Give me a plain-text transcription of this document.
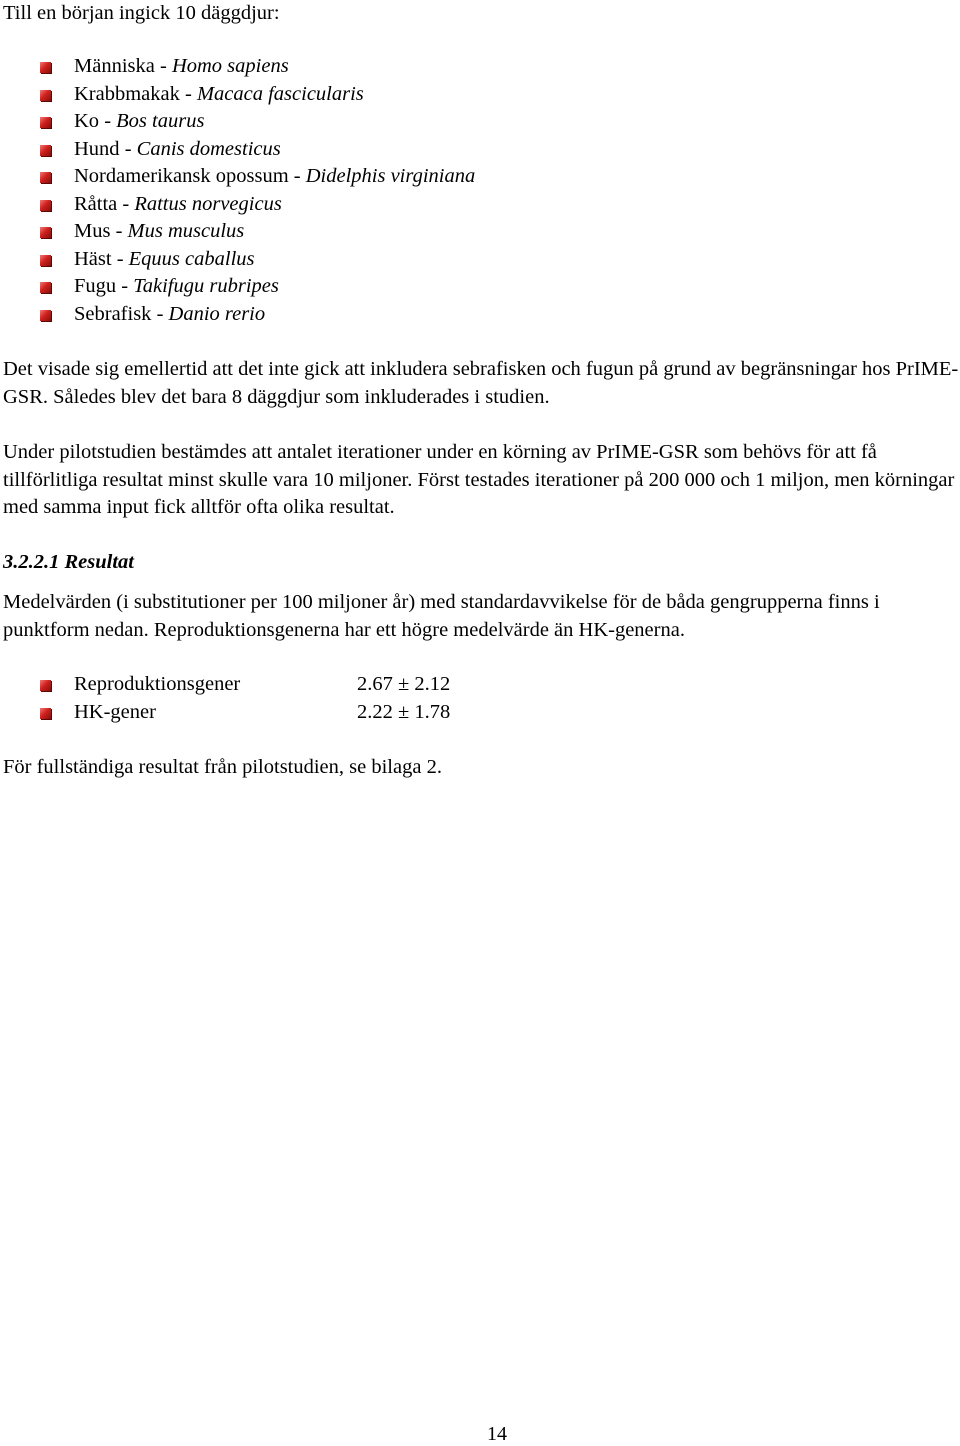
Till en början ingick 10 däggdjur:

Människa - Homo sapiens
Krabbmakak - Macaca fascicularis
Ko - Bos taurus
Hund - Canis domesticus
Nordamerikansk opossum - Didelphis virginiana
Råtta - Rattus norvegicus
Mus - Mus musculus
Häst - Equus caballus
Fugu - Takifugu rubripes
Sebrafisk - Danio rerio

Det visade sig emellertid att det inte gick att inkludera sebrafisken och fugun på grund av begränsningar hos PrIME-GSR. Således blev det bara 8 däggdjur som inkluderades i studien.

Under pilotstudien bestämdes att antalet iterationer under en körning av PrIME-GSR som behövs för att få tillförlitliga resultat minst skulle vara 10 miljoner. Först testades iterationer på 200 000 och 1 miljon, men körningar med samma input fick alltför ofta olika resultat.

3.2.2.1 Resultat

Medelvärden (i substitutioner per 100 miljoner år) med standardavvikelse för de båda gengrupperna finns i punktform nedan. Reproduktionsgenerna har ett högre medelvärde än HK-generna.

Reproduktionsgener	2.67 ± 2.12
HK-gener	2.22 ± 1.78

För fullständiga resultat från pilotstudien, se bilaga 2.

14
